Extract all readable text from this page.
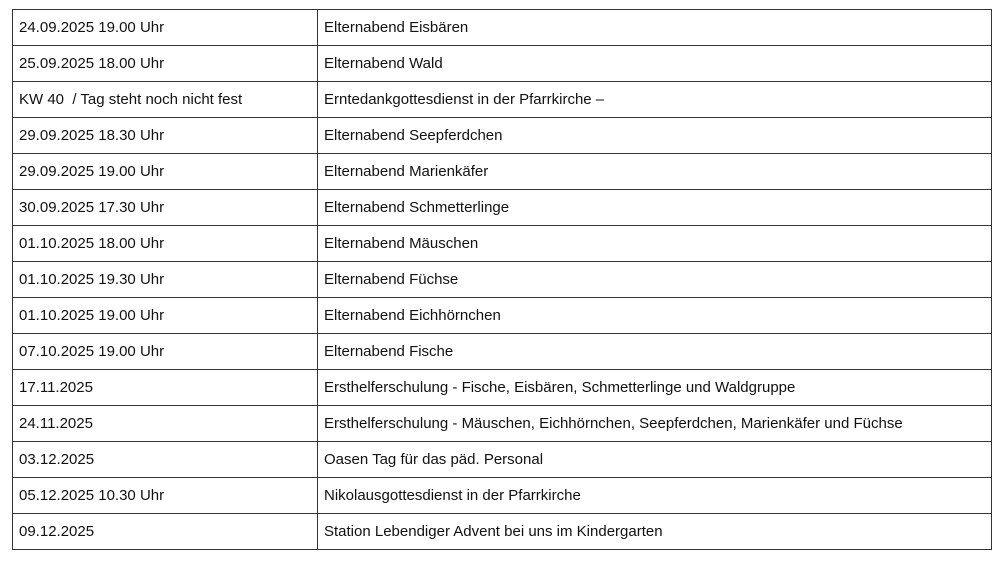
24.09.2025 19.00 Uhr	Elternabend Eisbären
25.09.2025 18.00 Uhr	Elternabend Wald
KW 40  / Tag steht noch nicht fest	Erntedankgottesdienst in der Pfarrkirche –
29.09.2025 18.30 Uhr	Elternabend Seepferdchen
29.09.2025 19.00 Uhr	Elternabend Marienkäfer
30.09.2025 17.30 Uhr	Elternabend Schmetterlinge
01.10.2025 18.00 Uhr	Elternabend Mäuschen
01.10.2025 19.30 Uhr	Elternabend Füchse
01.10.2025 19.00 Uhr	Elternabend Eichhörnchen
07.10.2025 19.00 Uhr	Elternabend Fische
17.11.2025	Ersthelferschulung - Fische, Eisbären, Schmetterlinge und Waldgruppe
24.11.2025	Ersthelferschulung - Mäuschen, Eichhörnchen, Seepferdchen, Marienkäfer und Füchse
03.12.2025	Oasen Tag für das päd. Personal
05.12.2025 10.30 Uhr	Nikolausgottesdienst in der Pfarrkirche
09.12.2025	Station Lebendiger Advent bei uns im Kindergarten
